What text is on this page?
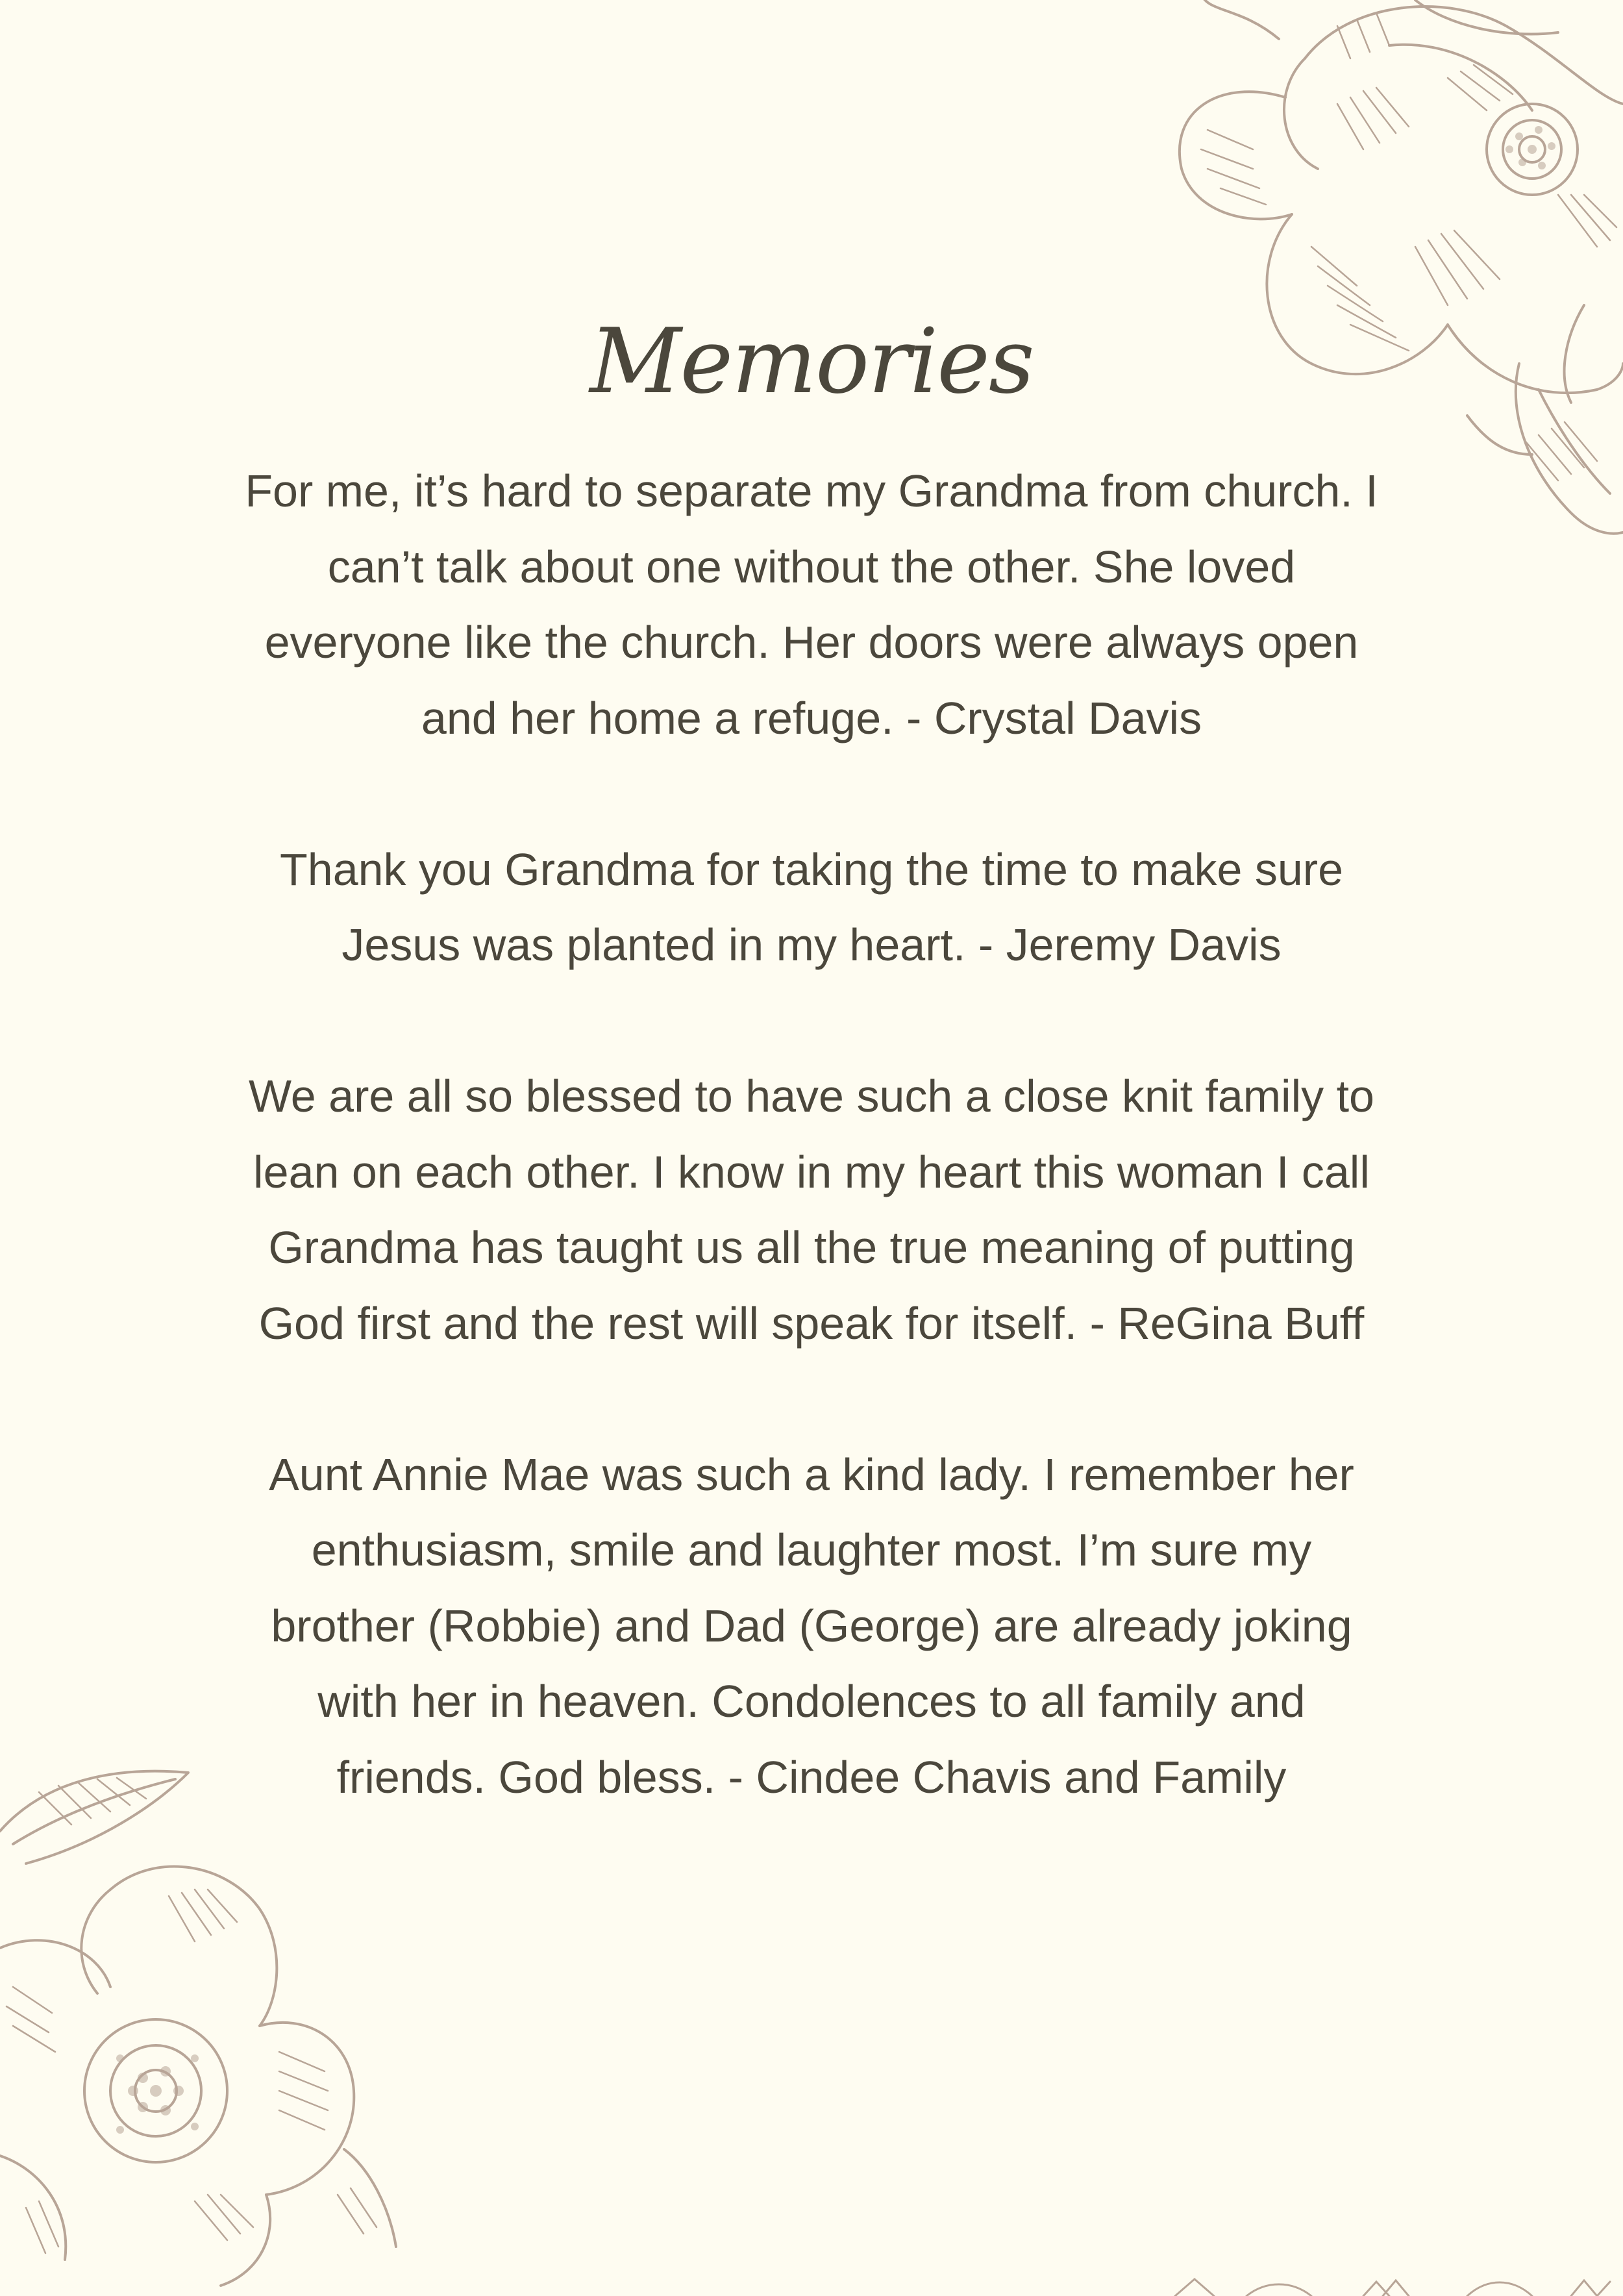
Memories

For me, it’s hard to separate my Grandma from church. I
can’t talk about one without the other. She loved
everyone like the church. Her doors were always open
and her home a refuge. - Crystal Davis

Thank you Grandma for taking the time to make sure
Jesus was planted in my heart. - Jeremy Davis

We are all so blessed to have such a close knit family to
lean on each other. I know in my heart this woman I call
Grandma has taught us all the true meaning of putting
God first and the rest will speak for itself. - ReGina Buff

Aunt Annie Mae was such a kind lady. I remember her
enthusiasm, smile and laughter most. I’m sure my
brother (Robbie) and Dad (George) are already joking
with her in heaven. Condolences to all family and
friends. God bless. - Cindee Chavis and Family
